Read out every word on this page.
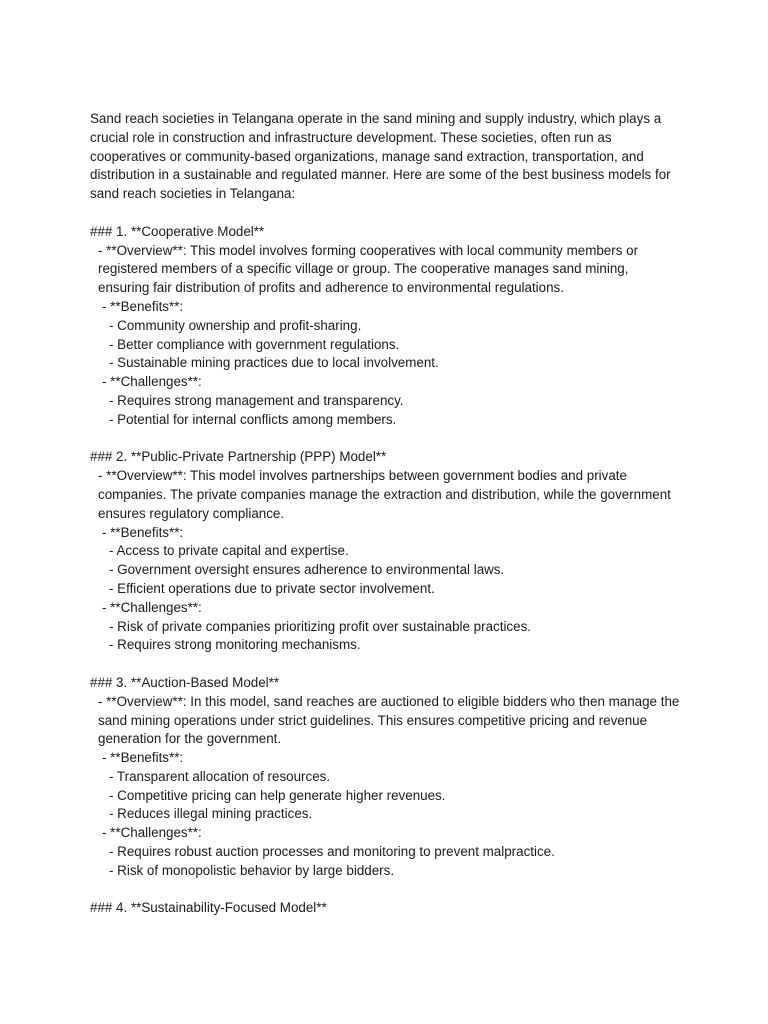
Sand reach societies in Telangana operate in the sand mining and supply industry, which plays a crucial role in construction and infrastructure development. These societies, often run as cooperatives or community-based organizations, manage sand extraction, transportation, and distribution in a sustainable and regulated manner. Here are some of the best business models for sand reach societies in Telangana:

### 1. **Cooperative Model**

- **Overview**: This model involves forming cooperatives with local community members or registered members of a specific village or group. The cooperative manages sand mining, ensuring fair distribution of profits and adherence to environmental regulations.

- **Benefits**:

- Community ownership and profit-sharing.

- Better compliance with government regulations.

- Sustainable mining practices due to local involvement.

- **Challenges**:

- Requires strong management and transparency.

- Potential for internal conflicts among members.

### 2. **Public-Private Partnership (PPP) Model**

- **Overview**: This model involves partnerships between government bodies and private companies. The private companies manage the extraction and distribution, while the government ensures regulatory compliance.

- **Benefits**:

- Access to private capital and expertise.

- Government oversight ensures adherence to environmental laws.

- Efficient operations due to private sector involvement.

- **Challenges**:

- Risk of private companies prioritizing profit over sustainable practices.

- Requires strong monitoring mechanisms.

### 3. **Auction-Based Model**

- **Overview**: In this model, sand reaches are auctioned to eligible bidders who then manage the sand mining operations under strict guidelines. This ensures competitive pricing and revenue generation for the government.

- **Benefits**:

- Transparent allocation of resources.

- Competitive pricing can help generate higher revenues.

- Reduces illegal mining practices.

- **Challenges**:

- Requires robust auction processes and monitoring to prevent malpractice.

- Risk of monopolistic behavior by large bidders.

### 4. **Sustainability-Focused Model**
